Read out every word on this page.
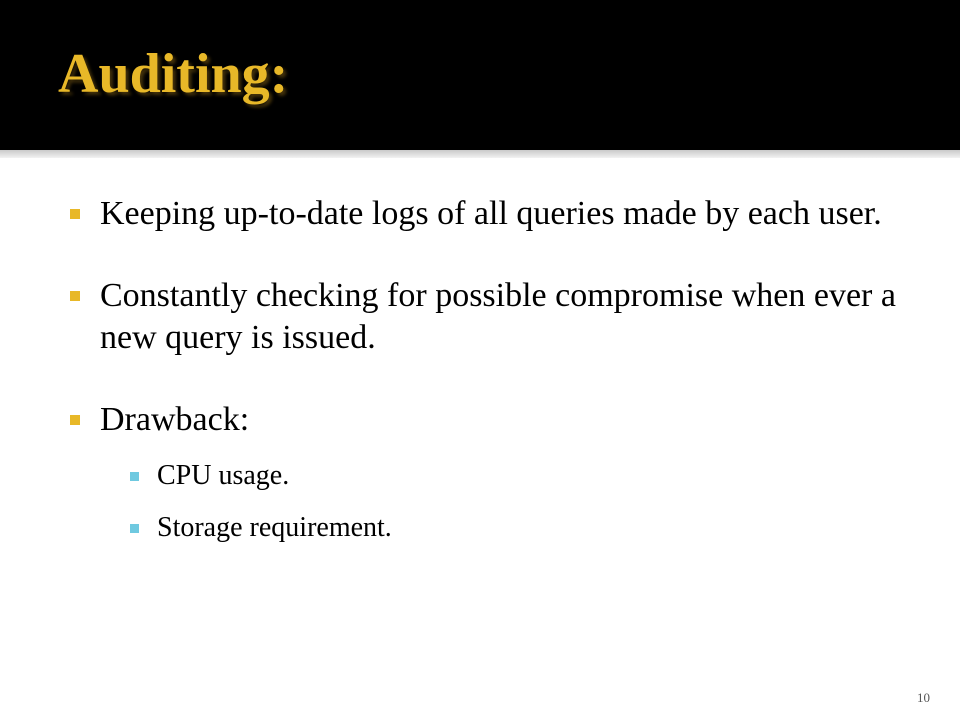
Auditing:
Keeping up-to-date logs of all queries made by each user.
Constantly checking for possible compromise when ever a new query is issued.
Drawback:
CPU usage.
Storage requirement.
10
